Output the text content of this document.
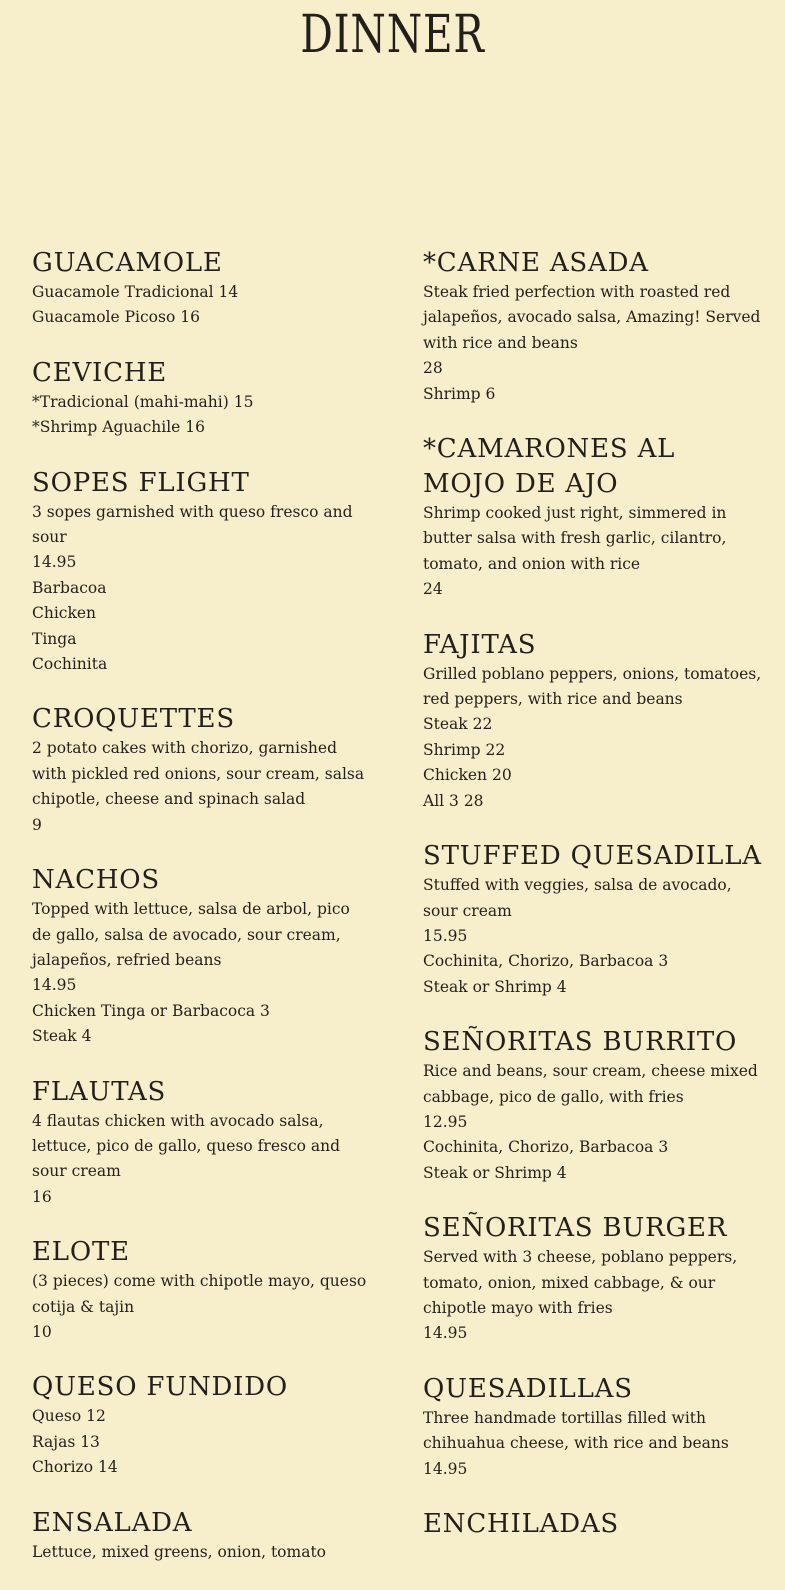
DINNER
GUACAMOLE
Guacamole Tradicional 14
Guacamole Picoso 16
CEVICHE
*Tradicional (mahi-mahi) 15
*Shrimp Aguachile 16
SOPES FLIGHT
3 sopes garnished with queso fresco and sour
14.95
Barbacoa
Chicken
Tinga
Cochinita
CROQUETTES
2 potato cakes with chorizo, garnished with pickled red onions, sour cream, salsa chipotle, cheese and spinach salad
9
NACHOS
Topped with lettuce, salsa de arbol, pico de gallo, salsa de avocado, sour cream, jalapeños, refried beans
14.95
Chicken Tinga or Barbacoca 3
Steak 4
FLAUTAS
4 flautas chicken with avocado salsa, lettuce, pico de gallo, queso fresco and sour cream
16
ELOTE
(3 pieces) come with chipotle mayo, queso cotija & tajin
10
QUESO FUNDIDO
Queso 12
Rajas 13
Chorizo 14
ENSALADA
Lettuce, mixed greens, onion, tomato
*CARNE ASADA
Steak fried perfection with roasted red jalapeños, avocado salsa, Amazing! Served with rice and beans
28
Shrimp 6
*CAMARONES AL MOJO DE AJO
Shrimp cooked just right, simmered in butter salsa with fresh garlic, cilantro, tomato, and onion with rice
24
FAJITAS
Grilled poblano peppers, onions, tomatoes, red peppers, with rice and beans
Steak 22
Shrimp 22
Chicken 20
All 3 28
STUFFED QUESADILLA
Stuffed with veggies, salsa de avocado, sour cream
15.95
Cochinita, Chorizo, Barbacoa 3
Steak or Shrimp 4
SEÑORITAS BURRITO
Rice and beans, sour cream, cheese mixed cabbage, pico de gallo, with fries
12.95
Cochinita, Chorizo, Barbacoa 3
Steak or Shrimp 4
SEÑORITAS BURGER
Served with 3 cheese, poblano peppers, tomato, onion, mixed cabbage, & our chipotle mayo with fries
14.95
QUESADILLAS
Three handmade tortillas filled with chihuahua cheese, with rice and beans
14.95
ENCHILADAS
